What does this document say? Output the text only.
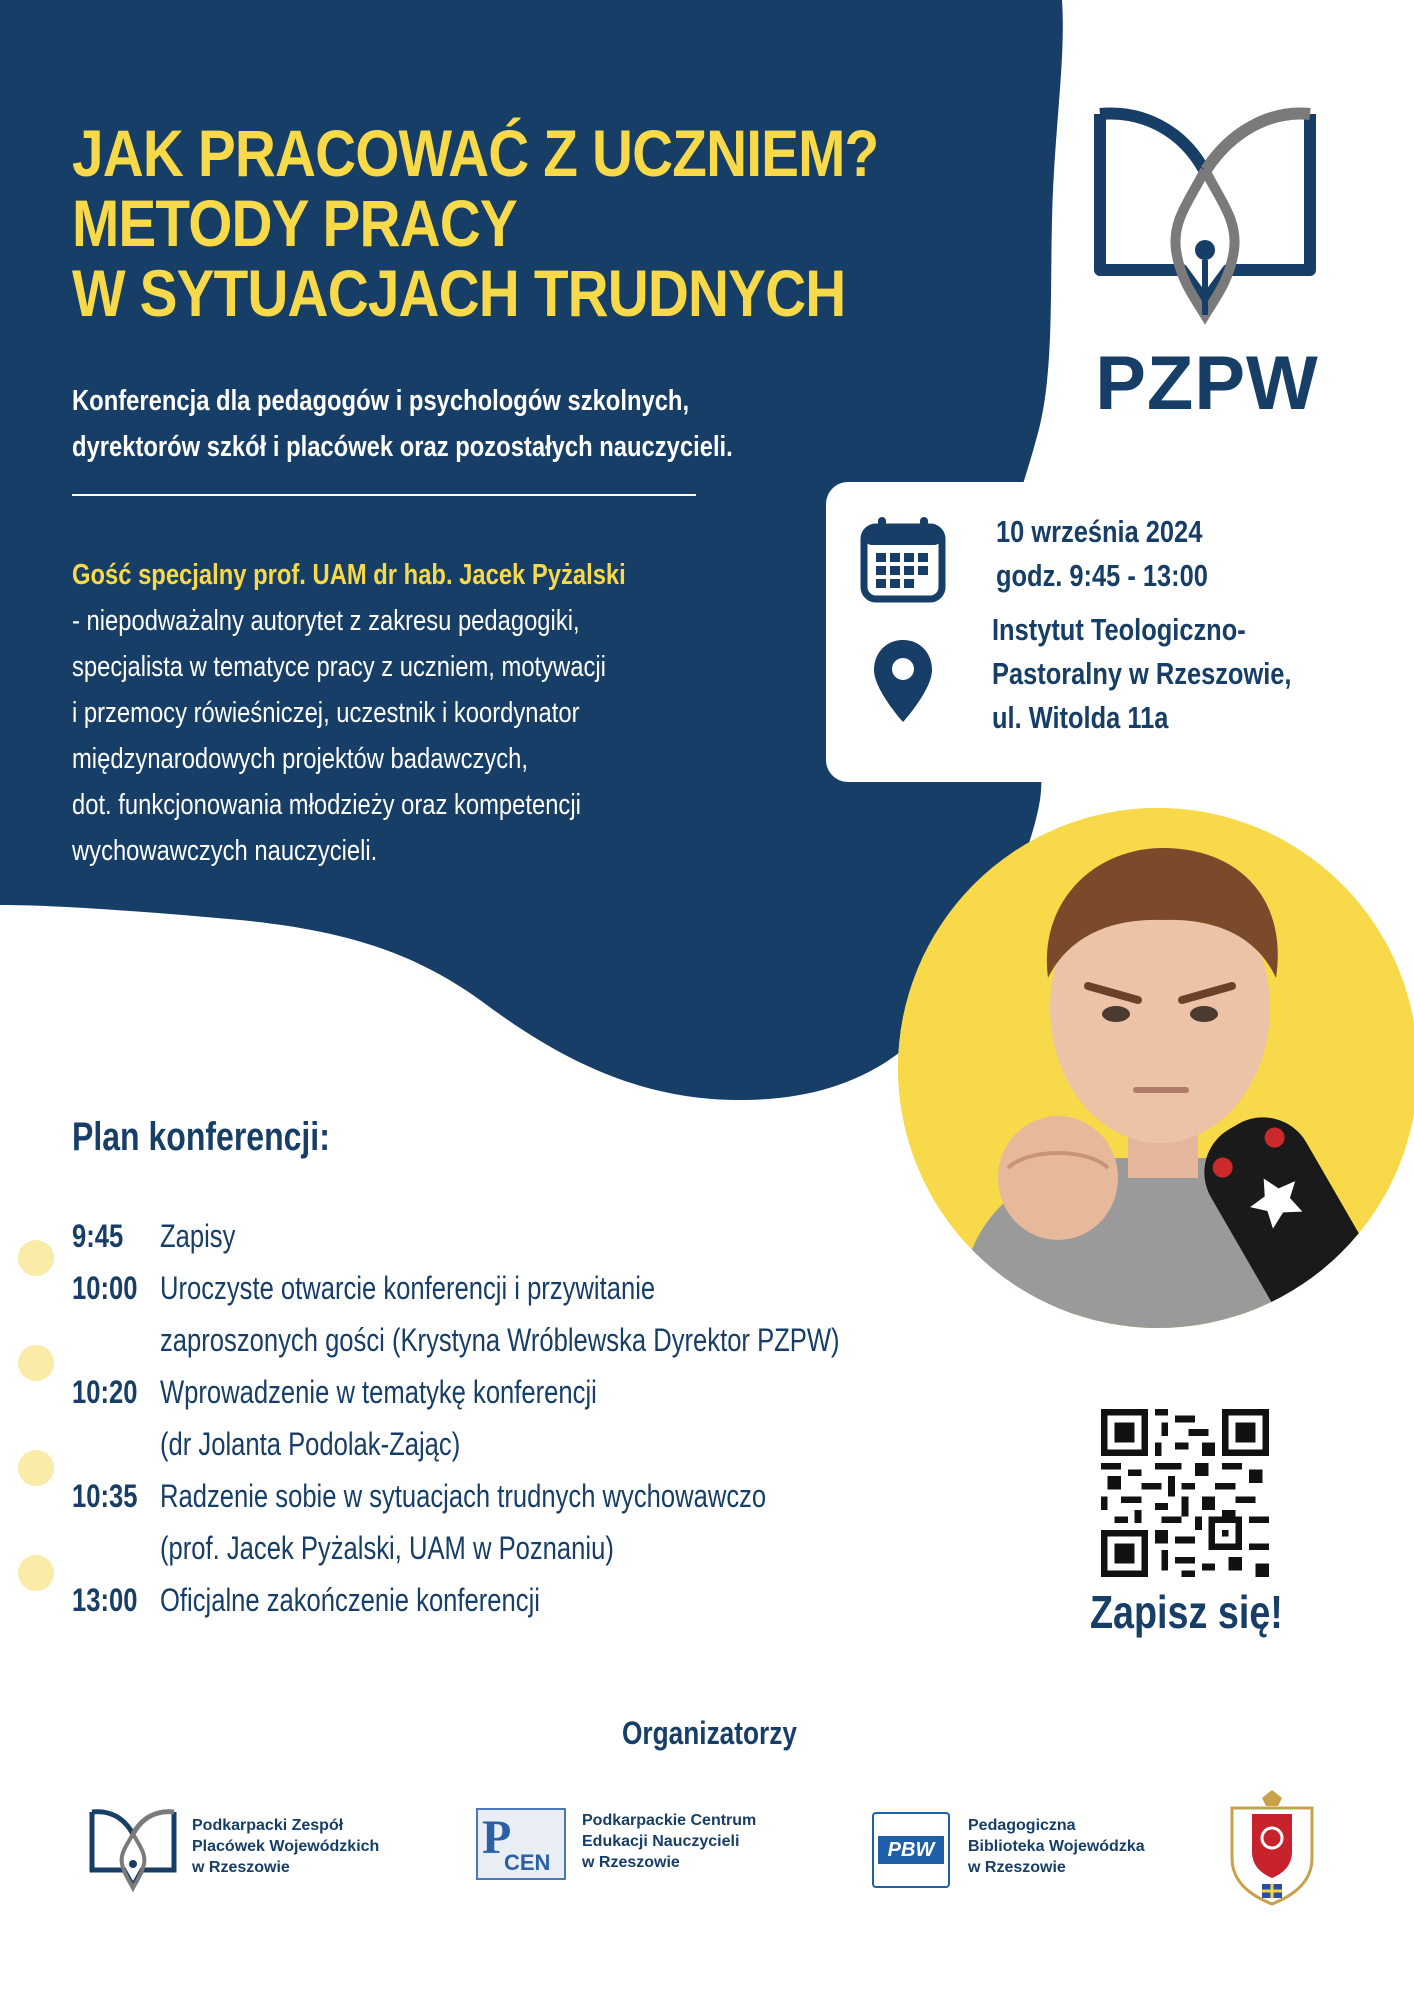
JAK PRACOWAĆ Z UCZNIEM?
METODY PRACY
W SYTUACJACH TRUDNYCH
Konferencja dla pedagogów i psychologów szkolnych,
dyrektorów szkół i placówek oraz pozostałych nauczycieli.
Gość specjalny prof. UAM dr hab. Jacek Pyżalski
- niepodważalny autorytet z zakresu pedagogiki,
specjalista w tematyce pracy z uczniem, motywacji
i przemocy rówieśniczej, uczestnik i koordynator
międzynarodowych projektów badawczych,
dot. funkcjonowania młodzieży oraz kompetencji
wychowawczych nauczycieli.
PZPW
10 września 2024
godz. 9:45 - 13:00
Instytut Teologiczno-
Pastoralny w Rzeszowie,
ul. Witolda 11a
Plan konferencji:
9:45 Zapisy
10:00 Uroczyste otwarcie konferencji i przywitanie
zaproszonych gości (Krystyna Wróblewska Dyrektor PZPW)
10:20 Wprowadzenie w tematykę konferencji
(dr Jolanta Podolak-Zając)
10:35 Radzenie sobie w sytuacjach trudnych wychowawczo
(prof. Jacek Pyżalski, UAM w Poznaniu)
13:00 Oficjalne zakończenie konferencji	Zapisz się!
Organizatorzy
Podkarpacki Zespół
Placówek Wojewódzkich
w Rzeszowie
P
CEN
Podkarpackie Centrum
Edukacji Nauczycieli
w Rzeszowie
PBW
Pedagogiczna
Biblioteka Wojewódzka
w Rzeszowie
